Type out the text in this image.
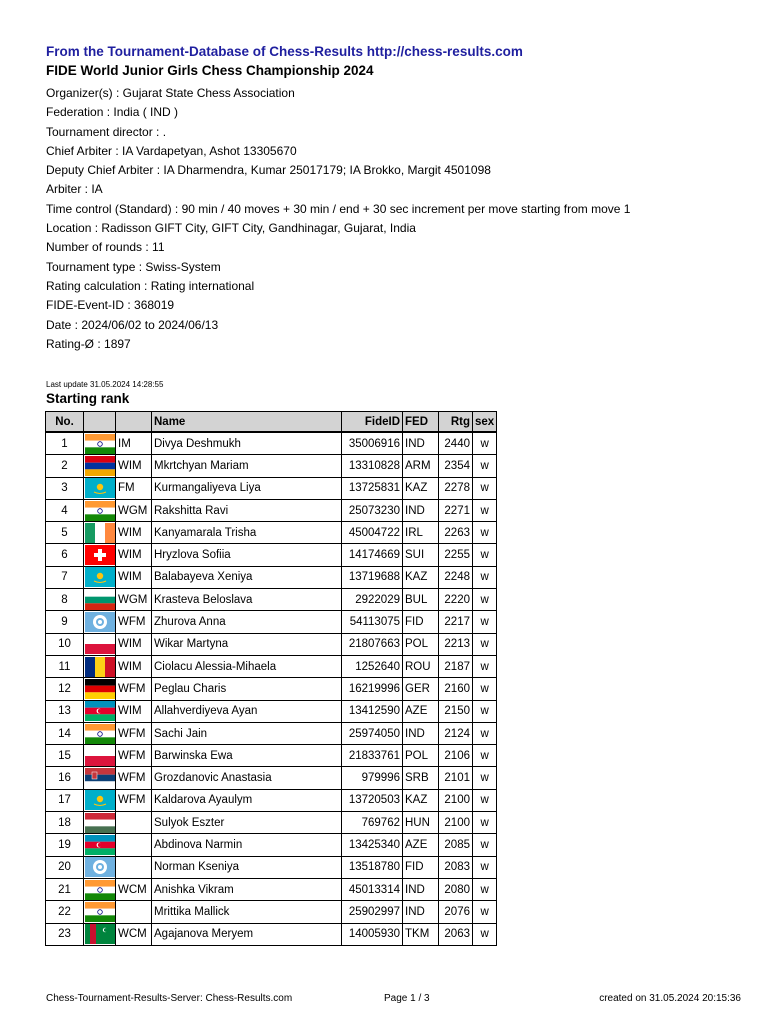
From the Tournament-Database of Chess-Results http://chess-results.com
FIDE World Junior Girls Chess Championship 2024
Organizer(s) : Gujarat State Chess Association
Federation : India ( IND )
Tournament director : .
Chief Arbiter : IA Vardapetyan, Ashot 13305670
Deputy Chief Arbiter : IA Dharmendra, Kumar 25017179; IA Brokko, Margit 4501098
Arbiter : IA
Time control (Standard) : 90 min / 40 moves + 30 min / end + 30 sec increment per move starting from move 1
Location : Radisson GIFT City, GIFT City, Gandhinagar, Gujarat, India
Number of rounds : 11
Tournament type : Swiss-System
Rating calculation : Rating international
FIDE-Event-ID : 368019
Date : 2024/06/02 to 2024/06/13
Rating-Ø : 1897
Last update 31.05.2024 14:28:55
Starting rank
No.			Name	FideID	FED	Rtg	sex
1		IM	Divya Deshmukh	35006916	IND	2440	w
2		WIM	Mkrtchyan Mariam	13310828	ARM	2354	w
3		FM	Kurmangaliyeva Liya	13725831	KAZ	2278	w
4		WGM	Rakshitta Ravi	25073230	IND	2271	w
5		WIM	Kanyamarala Trisha	45004722	IRL	2263	w
6		WIM	Hryzlova Sofiia	14174669	SUI	2255	w
7		WIM	Balabayeva Xeniya	13719688	KAZ	2248	w
8		WGM	Krasteva Beloslava	2922029	BUL	2220	w
9		WFM	Zhurova Anna	54113075	FID	2217	w
10		WIM	Wikar Martyna	21807663	POL	2213	w
11		WIM	Ciolacu Alessia-Mihaela	1252640	ROU	2187	w
12		WFM	Peglau Charis	16219996	GER	2160	w
13		WIM	Allahverdiyeva Ayan	13412590	AZE	2150	w
14		WFM	Sachi Jain	25974050	IND	2124	w
15		WFM	Barwinska Ewa	21833761	POL	2106	w
16		WFM	Grozdanovic Anastasia	979996	SRB	2101	w
17		WFM	Kaldarova Ayaulym	13720503	KAZ	2100	w
18			Sulyok Eszter	769762	HUN	2100	w
19			Abdinova Narmin	13425340	AZE	2085	w
20			Norman Kseniya	13518780	FID	2083	w
21		WCM	Anishka Vikram	45013314	IND	2080	w
22			Mrittika Mallick	25902997	IND	2076	w
23		WCM	Agajanova Meryem	14005930	TKM	2063	w
Chess-Tournament-Results-Server: Chess-Results.com	Page 1 / 3	created on 31.05.2024 20:15:36
